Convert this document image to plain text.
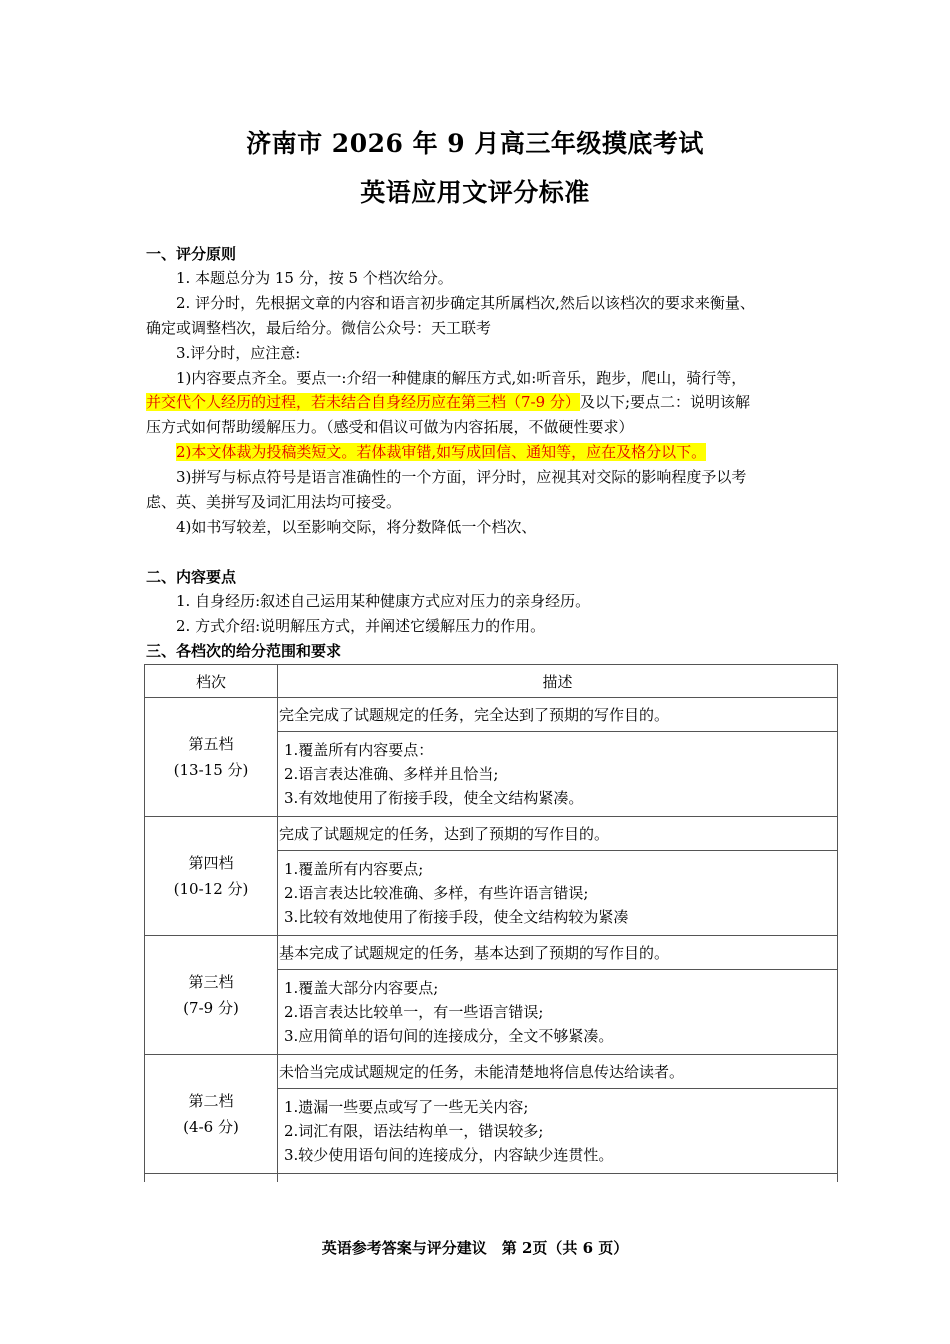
济南市 2026 年 9 月高三年级摸底考试
英语应用文评分标准
一、评分原则
1. 本题总分为 15 分，按 5 个档次给分。
2. 评分时，先根据文章的内容和语言初步确定其所属档次,然后以该档次的要求来衡量、
确定或调整档次，最后给分。微信公众号：天工联考
3.评分时，应注意:
1)内容要点齐全。要点一:介绍一种健康的解压方式,如:听音乐，跑步，爬山，骑行等，
并交代个人经历的过程，若未结合自身经历应在第三档（7-9 分）及以下;要点二：说明该解
压方式如何帮助缓解压力。（感受和倡议可做为内容拓展，不做硬性要求）
2)本文体裁为投稿类短文。若体裁审错,如写成回信、通知等，应在及格分以下。
3)拼写与标点符号是语言准确性的一个方面，评分时，应视其对交际的影响程度予以考
虑、英、美拼写及词汇用法均可接受。
4)如书写较差，以至影响交际，将分数降低一个档次、
二、内容要点
1. 自身经历:叙述自己运用某种健康方式应对压力的亲身经历。
2. 方式介绍:说明解压方式，并阐述它缓解压力的作用。
三、各档次的给分范围和要求
档次	描述

第五档
(13-15 分)	完全完成了试题规定的任务，完全达到了预期的写作目的。

	1.覆盖所有内容要点：
2.语言表达准确、多样并且恰当;
3.有效地使用了衔接手段，使全文结构紧凑。

第四档
(10-12 分)	完成了试题规定的任务，达到了预期的写作目的。

	1.覆盖所有内容要点;
2.语言表达比较准确、多样，有些许语言错误;
3.比较有效地使用了衔接手段，使全文结构较为紧凑

第三档
(7-9 分)	基本完成了试题规定的任务，基本达到了预期的写作目的。

	1.覆盖大部分内容要点;
2.语言表达比较单一，有一些语言错误;
3.应用简单的语句间的连接成分，全文不够紧凑。

第二档
(4-6 分)	未恰当完成试题规定的任务，未能清楚地将信息传达给读者。

	1.遗漏一些要点或写了一些无关内容;
2.词汇有限，语法结构单一，错误较多;
3.较少使用语句间的连接成分，内容缺少连贯性。

英语参考答案与评分建议　第 2页（共 6 页）
